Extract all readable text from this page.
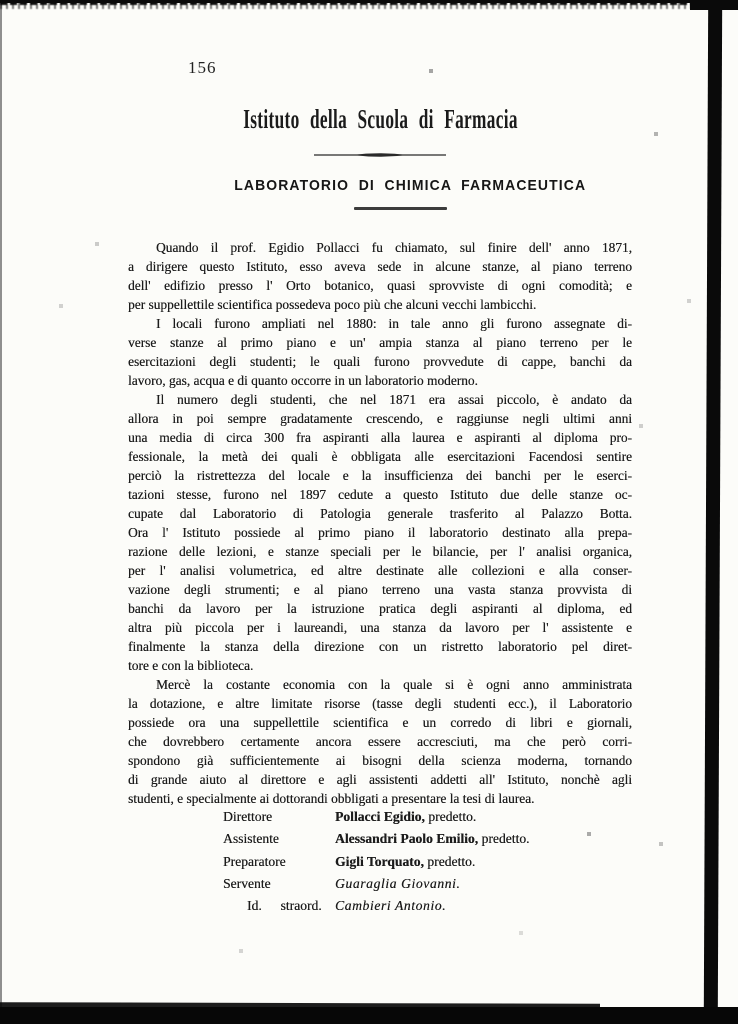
156
Istituto della Scuola di Farmacia
LABORATORIO DI CHIMICA FARMACEUTICA
Quando il prof. Egidio Pollacci fu chiamato, sul finire dell' anno 1871,
a dirigere questo Istituto, esso aveva sede in alcune stanze, al piano terreno
dell' edifizio presso l' Orto botanico, quasi sprovviste di ogni comodità; e
per suppellettile scientifica possedeva poco più che alcuni vecchi lambicchi.
I locali furono ampliati nel 1880: in tale anno gli furono assegnate di-
verse stanze al primo piano e un' ampia stanza al piano terreno per le
esercitazioni degli studenti; le quali furono provvedute di cappe, banchi da
lavoro, gas, acqua e di quanto occorre in un laboratorio moderno.
Il numero degli studenti, che nel 1871 era assai piccolo, è andato da
allora in poi sempre gradatamente crescendo, e raggiunse negli ultimi anni
una media di circa 300 fra aspiranti alla laurea e aspiranti al diploma pro-
fessionale, la metà dei quali è obbligata alle esercitazioni Facendosi sentire
perciò la ristrettezza del locale e la insufficienza dei banchi per le eserci-
tazioni stesse, furono nel 1897 cedute a questo Istituto due delle stanze oc-
cupate dal Laboratorio di Patologia generale trasferito al Palazzo Botta.
Ora l' Istituto possiede al primo piano il laboratorio destinato alla prepa-
razione delle lezioni, e stanze speciali per le bilancie, per l' analisi organica,
per l' analisi volumetrica, ed altre destinate alle collezioni e alla conser-
vazione degli strumenti; e al piano terreno una vasta stanza provvista di
banchi da lavoro per la istruzione pratica degli aspiranti al diploma, ed
altra più piccola per i laureandi, una stanza da lavoro per l' assistente e
finalmente la stanza della direzione con un ristretto laboratorio pel diret-
tore e con la biblioteca.
Mercè la costante economia con la quale si è ogni anno amministrata
la dotazione, e altre limitate risorse (tasse degli studenti ecc.), il Laboratorio
possiede ora una suppellettile scientifica e un corredo di libri e giornali,
che dovrebbero certamente ancora essere accresciuti, ma che però corri-
spondono già sufficientemente ai bisogni della scienza moderna, tornando
di grande aiuto al direttore e agli assistenti addetti all' Istituto, nonchè agli
studenti, e specialmente ai dottorandi obbligati a presentare la tesi di laurea.
Direttore	Pollacci Egidio, predetto.
Assistente	Alessandri Paolo Emilio, predetto.
Preparatore	Gigli Torquato, predetto.
Servente	Guaraglia Giovanni.
Id.  straord. Cambieri Antonio.
